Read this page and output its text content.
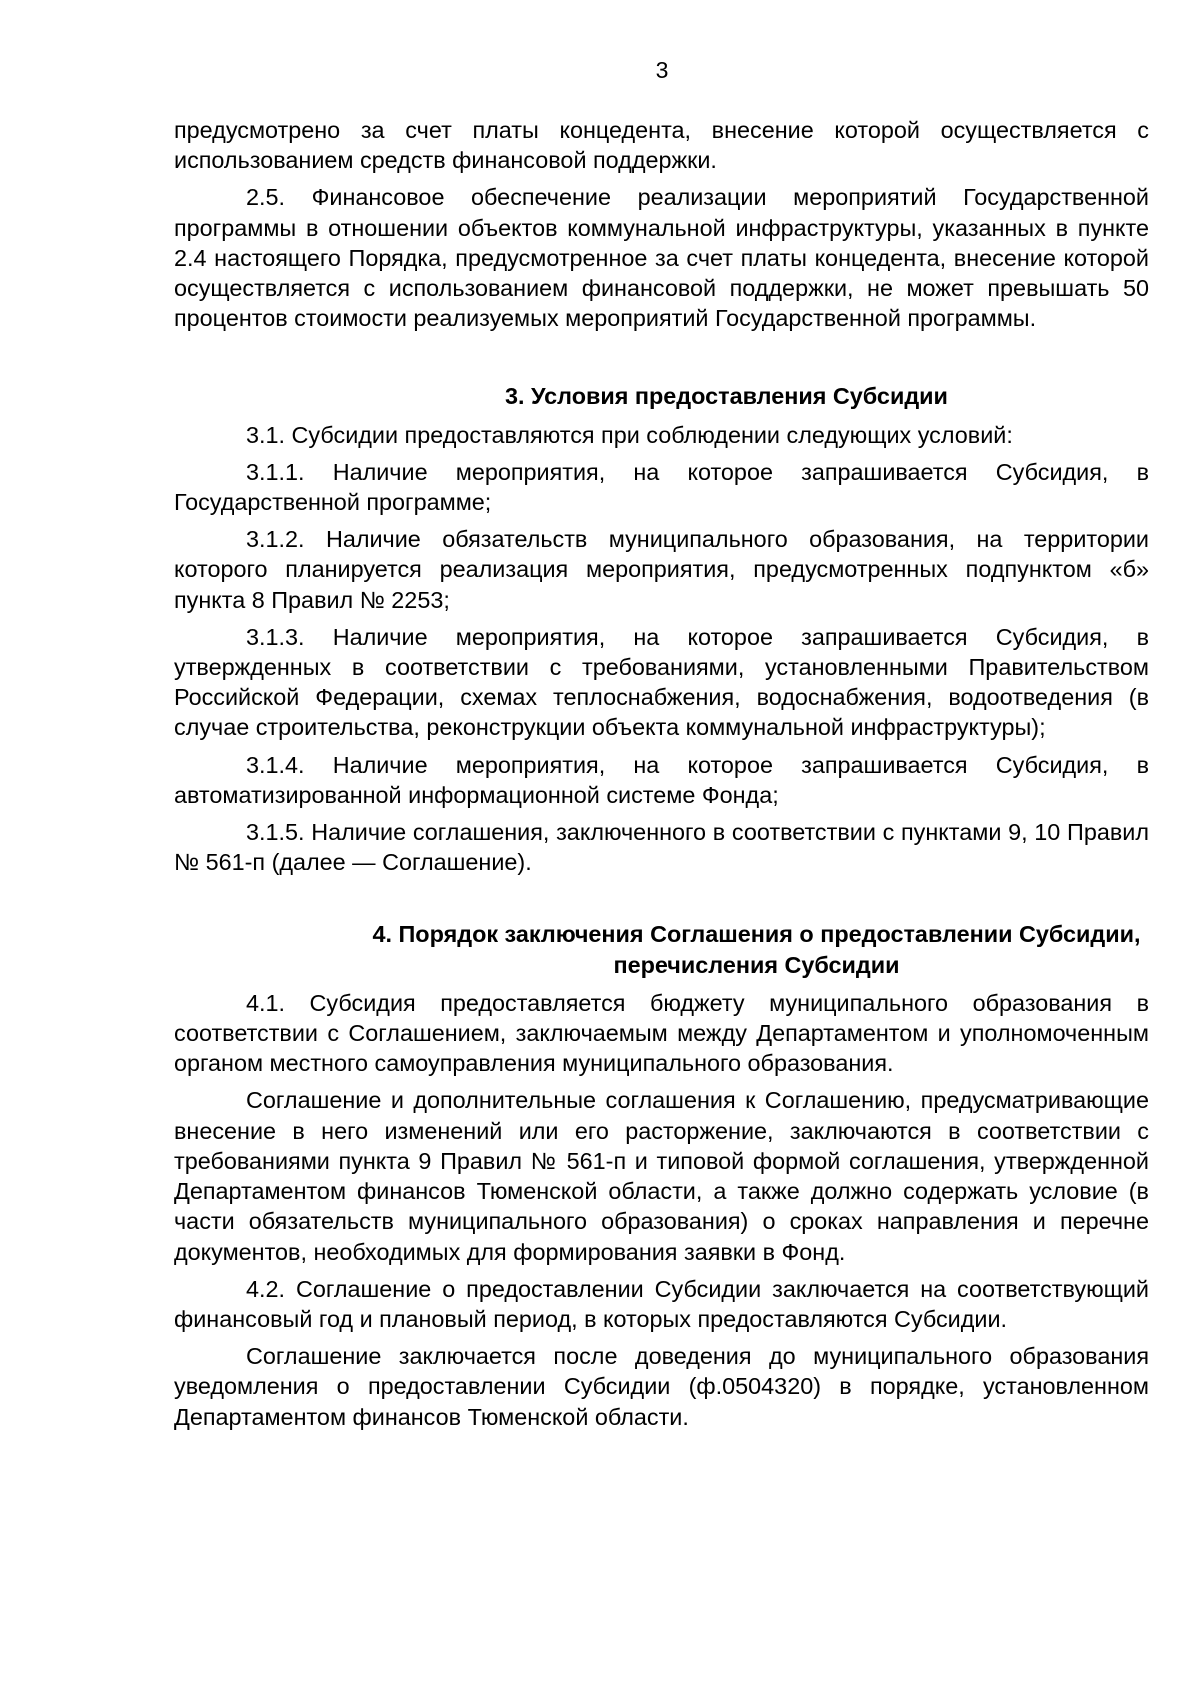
3

предусмотрено за счет платы концедента, внесение которой осуществляется с использованием средств финансовой поддержки.

2.5. Финансовое обеспечение реализации мероприятий Государственной программы в отношении объектов коммунальной инфраструктуры, указанных в пункте 2.4 настоящего Порядка, предусмотренное за счет платы концедента, внесение которой осуществляется с использованием финансовой поддержки, не может превышать 50 процентов стоимости реализуемых мероприятий Государственной программы.

3. Условия предоставления Субсидии

3.1. Субсидии предоставляются при соблюдении следующих условий:

3.1.1. Наличие мероприятия, на которое запрашивается Субсидия, в Государственной программе;

3.1.2. Наличие обязательств муниципального образования, на территории которого планируется реализация мероприятия, предусмотренных подпунктом «б» пункта 8 Правил № 2253;

3.1.3. Наличие мероприятия, на которое запрашивается Субсидия, в утвержденных в соответствии с требованиями, установленными Правительством Российской Федерации, схемах теплоснабжения, водоснабжения, водоотведения (в случае строительства, реконструкции объекта коммунальной инфраструктуры);

3.1.4. Наличие мероприятия, на которое запрашивается Субсидия, в автоматизированной информационной системе Фонда;

3.1.5. Наличие соглашения, заключенного в соответствии с пунктами 9, 10 Правил № 561-п (далее — Соглашение).

4. Порядок заключения Соглашения о предоставлении Субсидии,
перечисления Субсидии

4.1. Субсидия предоставляется бюджету муниципального образования в соответствии с Соглашением, заключаемым между Департаментом и уполномоченным органом местного самоуправления муниципального образования.

Соглашение и дополнительные соглашения к Соглашению, предусматривающие внесение в него изменений или его расторжение, заключаются в соответствии с требованиями пункта 9 Правил № 561-п и типовой формой соглашения, утвержденной Департаментом финансов Тюменской области, а также должно содержать условие (в части обязательств муниципального образования) о сроках направления и перечне документов, необходимых для формирования заявки в Фонд.

4.2. Соглашение о предоставлении Субсидии заключается на соответствующий финансовый год и плановый период, в которых предоставляются Субсидии.

Соглашение заключается после доведения до муниципального образования уведомления о предоставлении Субсидии (ф.0504320) в порядке, установленном Департаментом финансов Тюменской области.
